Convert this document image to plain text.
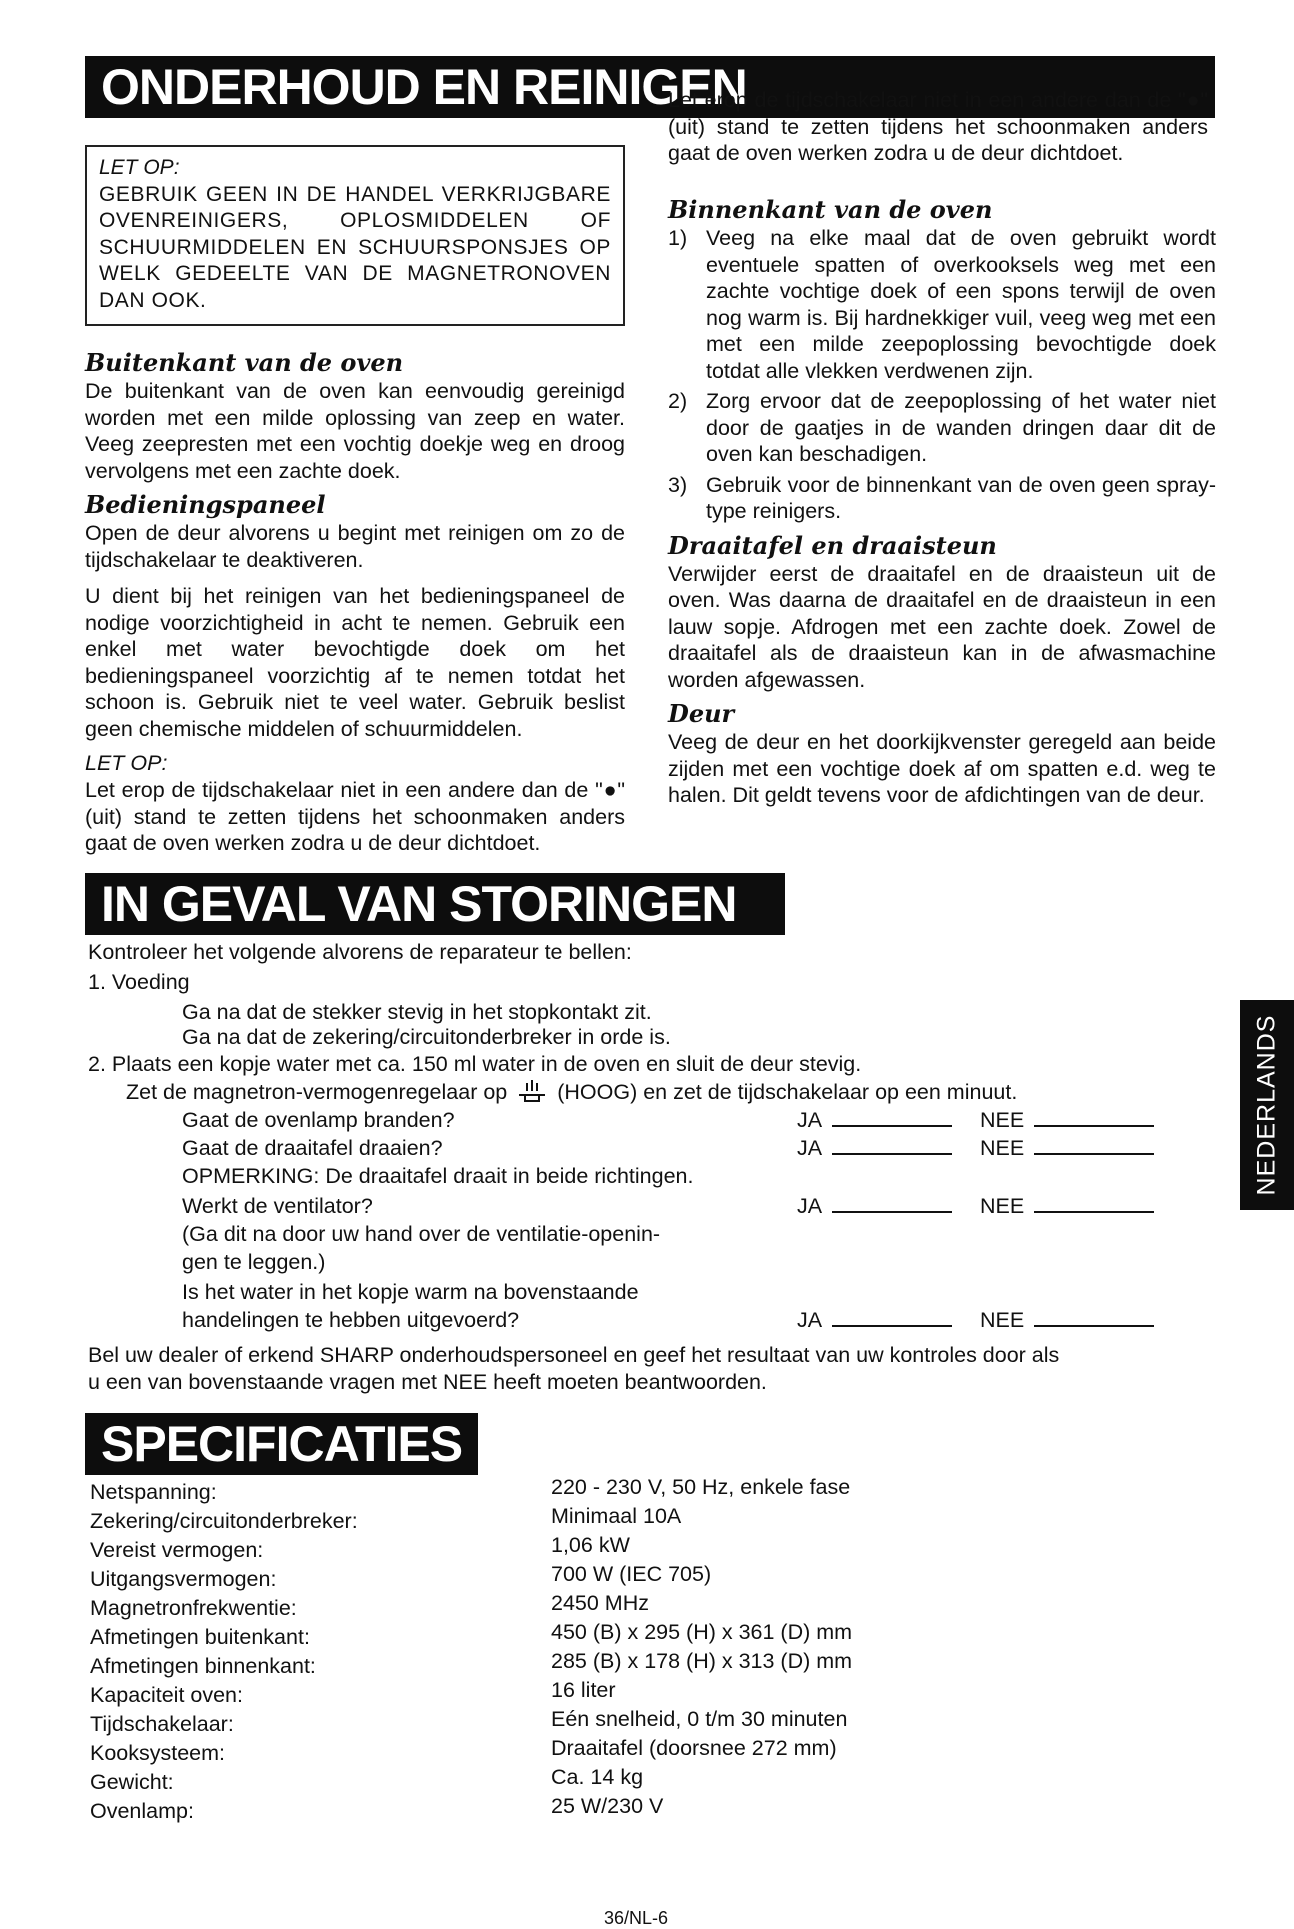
ONDERHOUD EN REINIGEN
LET OP:
GEBRUIK GEEN IN DE HANDEL VERKRIJGBARE OVENREINIGERS, OPLOSMIDDELEN OF SCHUURMIDDELEN EN SCHUURSPONSJES OP WELK GEDEELTE VAN DE MAGNETRONOVEN DAN OOK.
Buitenkant van de oven

De buitenkant van de oven kan eenvoudig gereinigd worden met een milde oplossing van zeep en water. Veeg zeepresten met een vochtig doekje weg en droog vervolgens met een zachte doek.

Bedieningspaneel

Open de deur alvorens u begint met reinigen om zo de tijdschakelaar te deaktiveren.

U dient bij het reinigen van het bedieningspaneel de nodige voorzichtigheid in acht te nemen. Gebruik een enkel met water bevochtigde doek om het bedieningspaneel voorzichtig af te nemen totdat het schoon is. Gebruik niet te veel water. Gebruik beslist geen chemische middelen of schuurmiddelen.

LET OP:

Let erop de tijdschakelaar niet in een andere dan de "●" (uit) stand te zetten tijdens het schoonmaken anders gaat de oven werken zodra u de deur dichtdoet.

Let erop de tijdschakelaar niet in een andere dan de "●" (uit) stand te zetten tijdens het schoonmaken anders gaat de oven werken zodra u de deur dichtdoet.

Binnenkant van de oven
1) Veeg na elke maal dat de oven gebruikt wordt eventuele spatten of overkooksels weg met een zachte vochtige doek of een spons terwijl de oven nog warm is. Bij hardnekkiger vuil, veeg weg met een met een milde zeepoplossing bevochtigde doek totdat alle vlekken verdwenen zijn.
2) Zorg ervoor dat de zeepoplossing of het water niet door de gaatjes in de wanden dringen daar dit de oven kan beschadigen.
3) Gebruik voor de binnenkant van de oven geen spray-type reinigers.
Draaitafel en draaisteun

Verwijder eerst de draaitafel en de draaisteun uit de oven. Was daarna de draaitafel en de draaisteun in een lauw sopje. Afdrogen met een zachte doek. Zowel de draaitafel als de draaisteun kan in de afwasmachine worden afgewassen.

Deur

Veeg de deur en het doorkijkvenster geregeld aan beide zijden met een vochtige doek af om spatten e.d. weg te halen. Dit geldt tevens voor de afdichtingen van de deur.

IN GEVAL VAN STORINGEN
Kontroleer het volgende alvorens de reparateur te bellen:
1. Voeding
Ga na dat de stekker stevig in het stopkontakt zit.
Ga na dat de zekering/circuitonderbreker in orde is.
2. Plaats een kopje water met ca. 150 ml water in de oven en sluit de deur stevig.
Zet de magnetron-vermogenregelaar op (HOOG) en zet de tijdschakelaar op een minuut.
Gaat de ovenlamp branden?	JA	NEE
Gaat de draaitafel draaien?	JA	NEE
OPMERKING: De draaitafel draait in beide richtingen.
Werkt de ventilator?	JA	NEE
(Ga dit na door uw hand over de ventilatie-openin-
gen te leggen.)
Is het water in het kopje warm na bovenstaande
handelingen te hebben uitgevoerd?	JA	NEE
Bel uw dealer of erkend SHARP onderhoudspersoneel en geef het resultaat van uw kontroles door als
u een van bovenstaande vragen met NEE heeft moeten beantwoorden.
NEDERLANDS
SPECIFICATIES
Netspanning:	220 - 230 V, 50 Hz, enkele fase
Zekering/circuitonderbreker:	Minimaal 10A
Vereist vermogen:	1,06 kW
Uitgangsvermogen:	700 W (IEC 705)
Magnetronfrekwentie:	2450 MHz
Afmetingen buitenkant:	450 (B) x 295 (H) x 361 (D) mm
Afmetingen binnenkant:	285 (B) x 178 (H) x 313 (D) mm
Kapaciteit oven:	16 liter
Tijdschakelaar:	Eén snelheid, 0 t/m 30 minuten
Kooksysteem:	Draaitafel (doorsnee 272 mm)
Gewicht:	Ca. 14 kg
Ovenlamp:	25 W/230 V
36/NL-6
